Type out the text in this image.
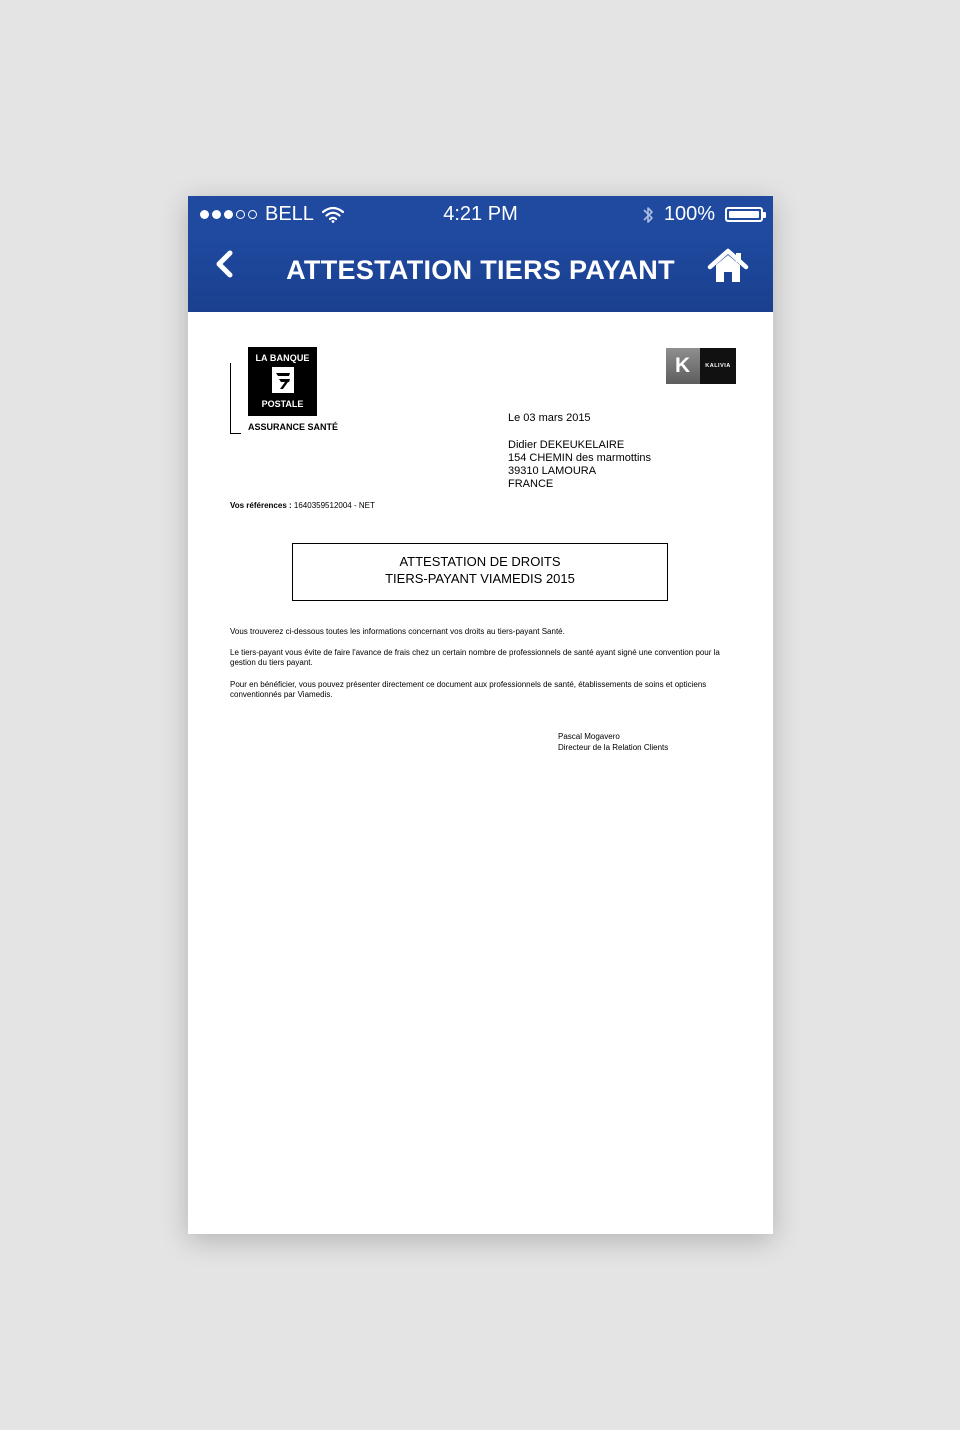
BELL	4:21 PM	100%
ATTESTATION TIERS PAYANT
LA BANQUE
POSTALE
ASSURANCE SANTÉ
K	KALIVIA
Le 03 mars 2015
Didier DEKEUKELAIRE
154 CHEMIN des marmottins
39310 LAMOURA
FRANCE
Vos références : 1640359512004 - NET
ATTESTATION DE DROITS
TIERS-PAYANT VIAMEDIS 2015
Vous trouverez ci-dessous toutes les informations concernant vos droits au tiers-payant Santé.
Le tiers-payant vous évite de faire l'avance de frais chez un certain nombre de professionnels de santé ayant signé une convention pour la gestion du tiers payant.
Pour en bénéficier, vous pouvez présenter directement ce document aux professionnels de santé, établissements de soins et opticiens conventionnés par Viamedis.
Pascal Mogavero
Directeur de la Relation Clients
